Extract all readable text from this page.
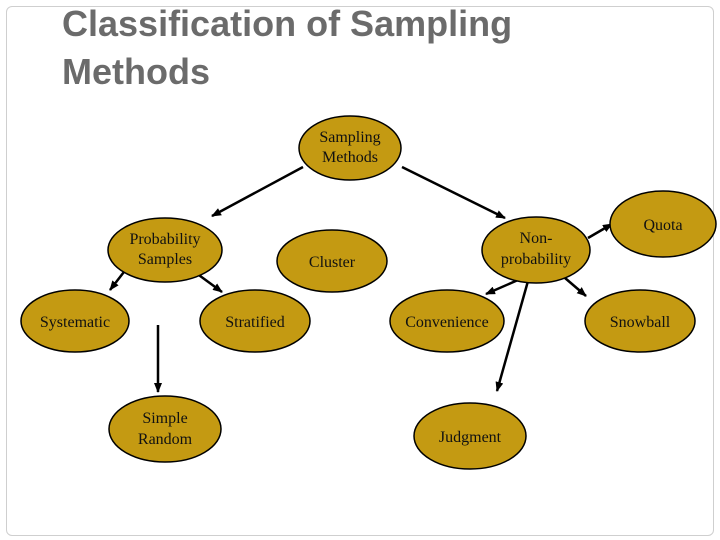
Classification of Sampling
Methods
Sampling
Methods
Probability
Samples	Cluster
Non-
probability
Quota
Systematic	Stratified	Convenience	Snowball
Simple
Random	Judgment
